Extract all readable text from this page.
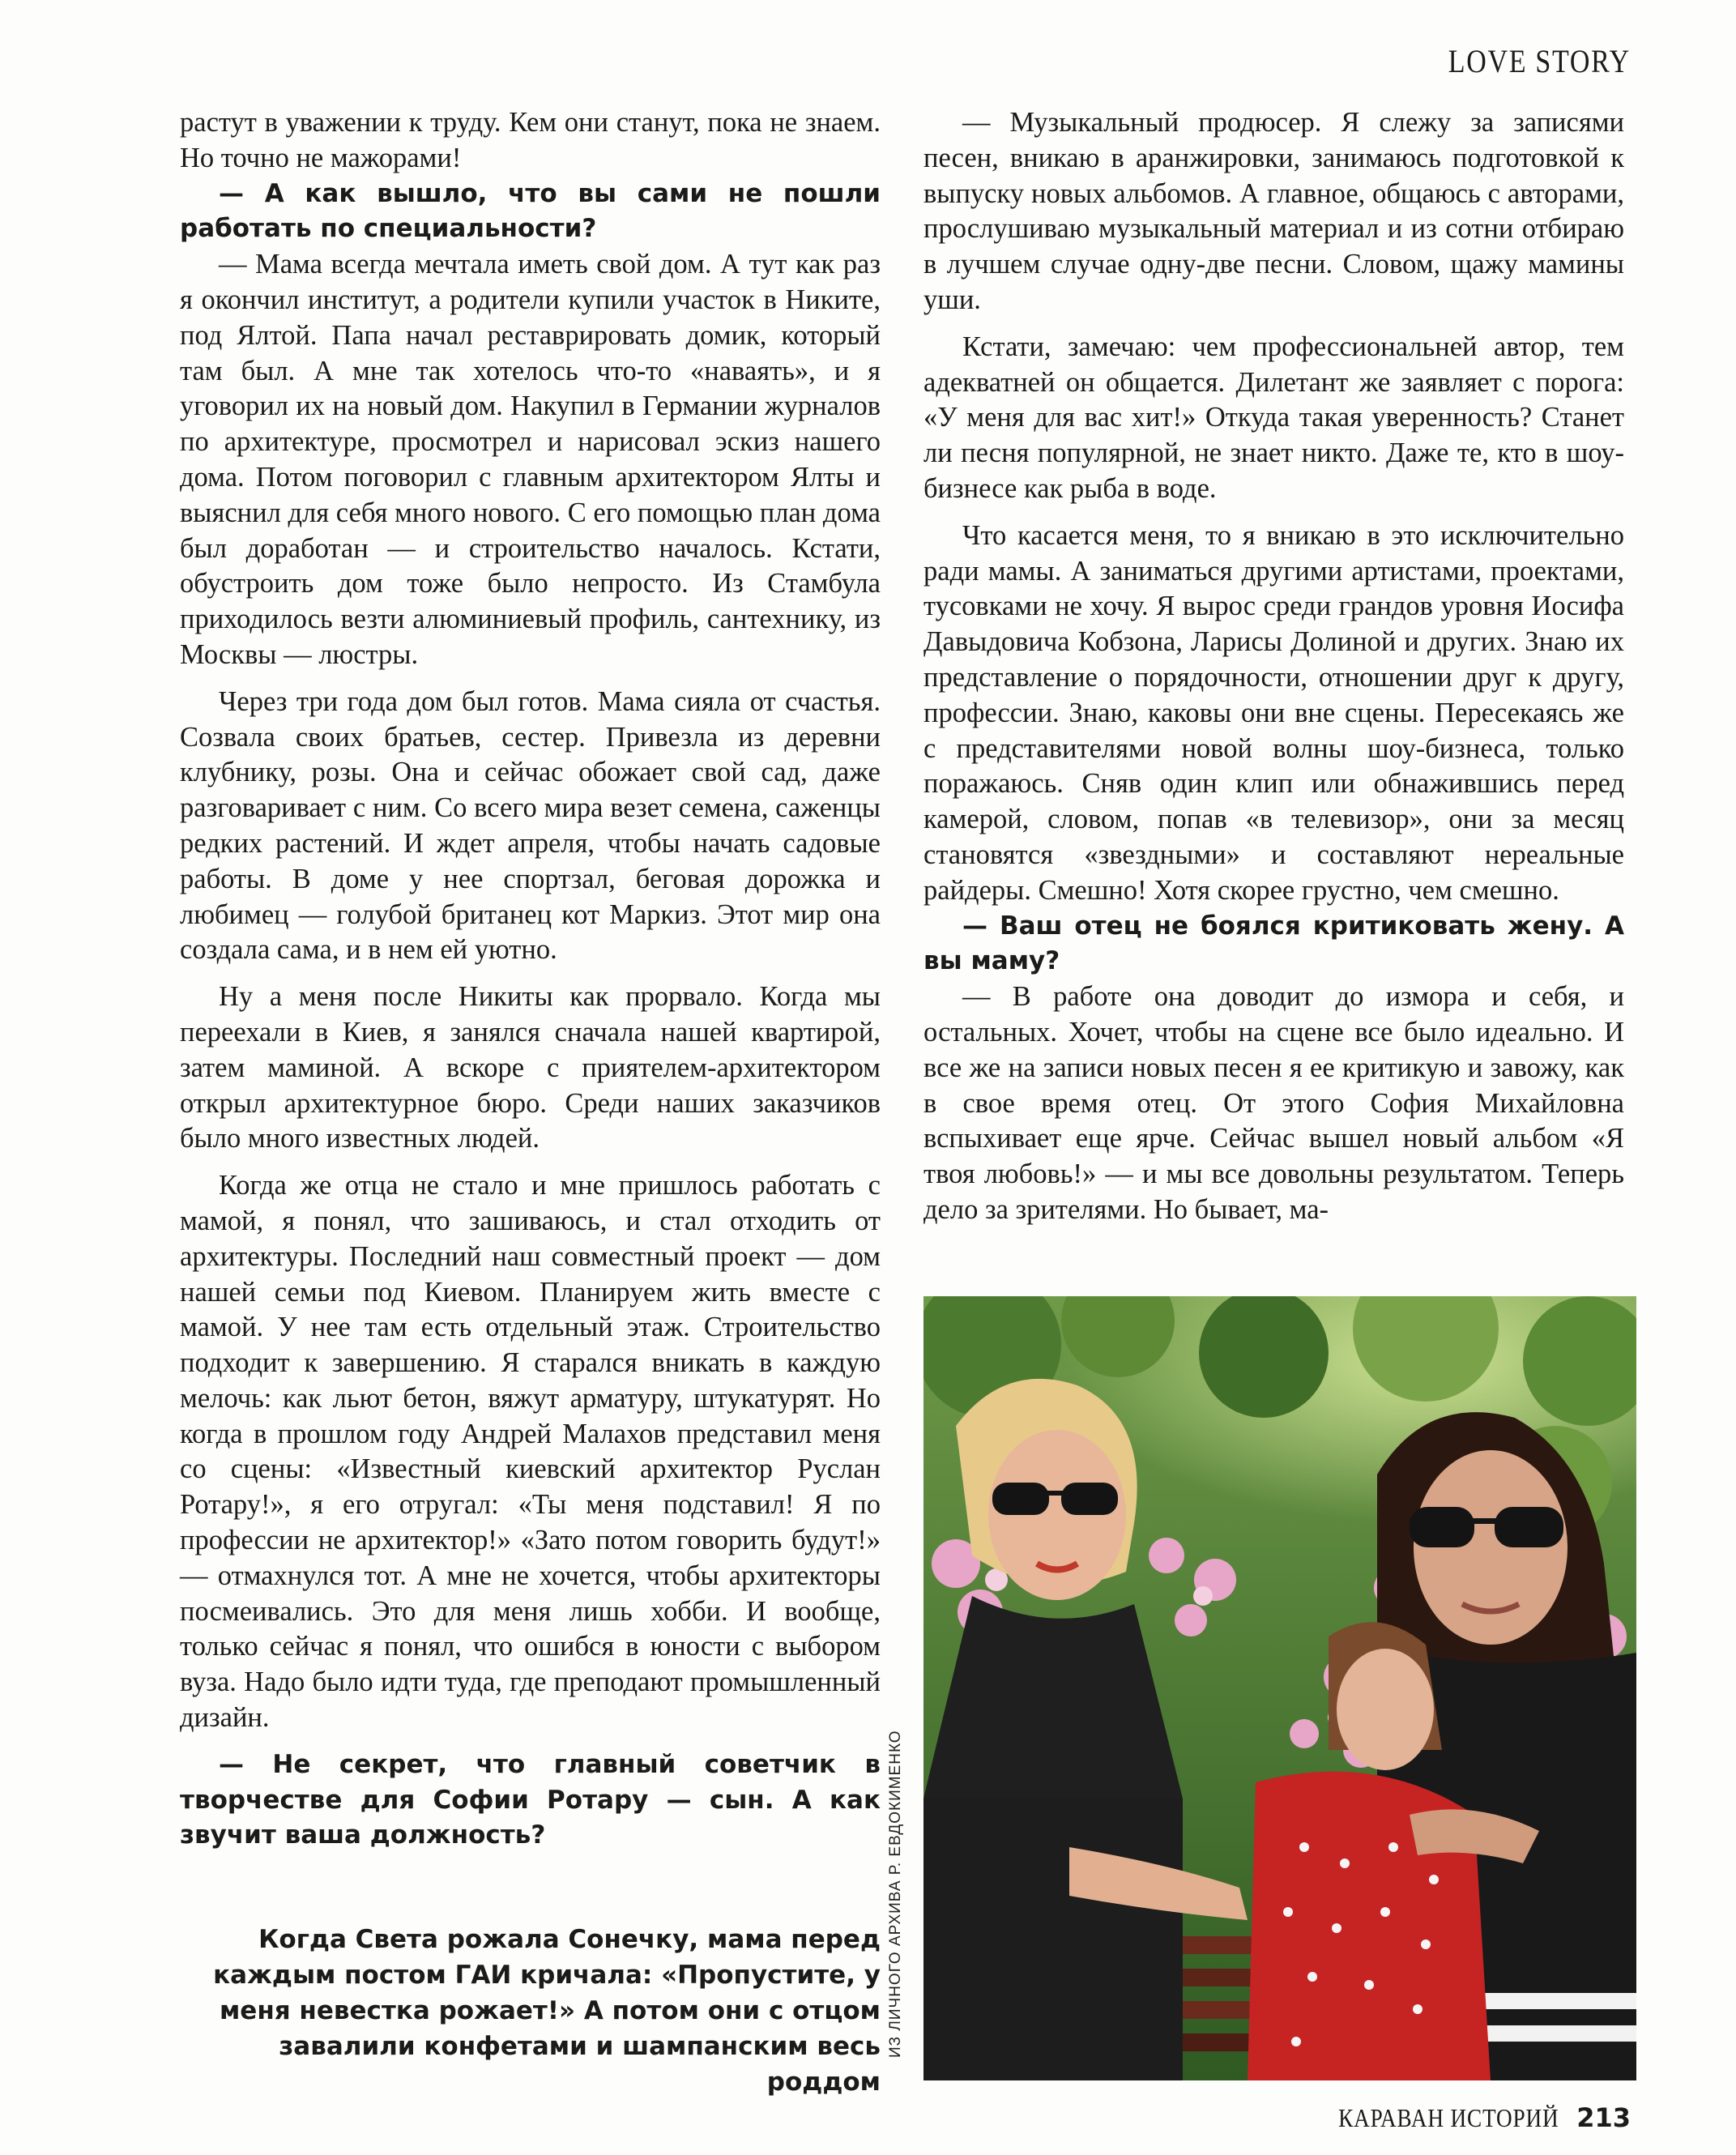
LOVE STORY

растут в уважении к труду. Кем они станут, пока не знаем. Но точно не мажорами!

— А как вышло, что вы сами не пошли работать по специальности?

— Мама всегда мечтала иметь свой дом. А тут как раз я окончил институт, а родители купили участок в Никите, под Ялтой. Папа начал реставрировать домик, который там был. А мне так хотелось что-то «наваять», и я уговорил их на новый дом. Накупил в Германии журналов по архитектуре, просмотрел и нарисовал эскиз нашего дома. Потом поговорил с главным архитектором Ялты и выяснил для себя много нового. С его помощью план дома был доработан — и строительство началось. Кстати, обустроить дом тоже было непросто. Из Стамбула приходилось везти алюминиевый профиль, сантехнику, из Москвы — люстры.

Через три года дом был готов. Мама сияла от счастья. Созвала своих братьев, сестер. Привезла из деревни клубнику, розы. Она и сейчас обожает свой сад, даже разговаривает с ним. Со всего мира везет семена, саженцы редких растений. И ждет апреля, чтобы начать садовые работы. В доме у нее спортзал, беговая дорожка и любимец — голубой британец кот Маркиз. Этот мир она создала сама, и в нем ей уютно.

Ну а меня после Никиты как прорвало. Когда мы переехали в Киев, я занялся сначала нашей квартирой, затем маминой. А вскоре с приятелем-архитектором открыл архитектурное бюро. Среди наших заказчиков было много известных людей.

Когда же отца не стало и мне пришлось работать с мамой, я понял, что зашиваюсь, и стал отходить от архитектуры. Последний наш совместный проект — дом нашей семьи под Киевом. Планируем жить вместе с мамой. У нее там есть отдельный этаж. Строительство подходит к завершению. Я старался вникать в каждую мелочь: как льют бетон, вяжут арматуру, штукатурят. Но когда в прошлом году Андрей Малахов представил меня со сцены: «Известный киевский архитектор Руслан Ротару!», я его отругал: «Ты меня подставил! Я по профессии не архитектор!» «Зато потом говорить будут!» — отмахнулся тот. А мне не хочется, чтобы архитекторы посмеивались. Это для меня лишь хобби. И вообще, только сейчас я понял, что ошибся в юности с выбором вуза. Надо было идти туда, где преподают промышленный дизайн.

— Не секрет, что главный советчик в творчестве для Софии Ротару — сын. А как звучит ваша должность?

— Музыкальный продюсер. Я слежу за записями песен, вникаю в аранжировки, занимаюсь подготовкой к выпуску новых альбомов. А главное, общаюсь с авторами, прослушиваю музыкальный материал и из сотни отбираю в лучшем случае одну-две песни. Словом, щажу мамины уши.

Кстати, замечаю: чем профессиональней автор, тем адекватней он общается. Дилетант же заявляет с порога: «У меня для вас хит!» Откуда такая уверенность? Станет ли песня популярной, не знает никто. Даже те, кто в шоу-бизнесе как рыба в воде.

Что касается меня, то я вникаю в это исключительно ради мамы. А заниматься другими артистами, проектами, тусовками не хочу. Я вырос среди грандов уровня Иосифа Давыдовича Кобзона, Ларисы Долиной и других. Знаю их представление о порядочности, отношении друг к другу, профессии. Знаю, каковы они вне сцены. Пересекаясь же с представителями новой волны шоу-бизнеса, только поражаюсь. Сняв один клип или обнажившись перед камерой, словом, попав «в телевизор», они за месяц становятся «звездными» и составляют нереальные райдеры. Смешно! Хотя скорее грустно, чем смешно.

— Ваш отец не боялся критиковать жену. А вы маму?

— В работе она доводит до измора и себя, и остальных. Хочет, чтобы на сцене все было идеально. И все же на записи новых песен я ее критикую и завожу, как в свое время отец. От этого София Михайловна вспыхивает еще ярче. Сейчас вышел новый альбом «Я твоя любовь!» — и мы все довольны результатом. Теперь дело за зрителями. Но бывает, ма-

Когда Света рожала Сонечку, мама перед каждым постом ГАИ кричала: «Пропустите, у меня невестка рожает!» А потом они с отцом завалили конфетами и шампанским весь роддом
ИЗ ЛИЧНОГО АРХИВА Р. ЕВДОКИМЕНКО
КАРАВАН ИСТОРИЙ 213
